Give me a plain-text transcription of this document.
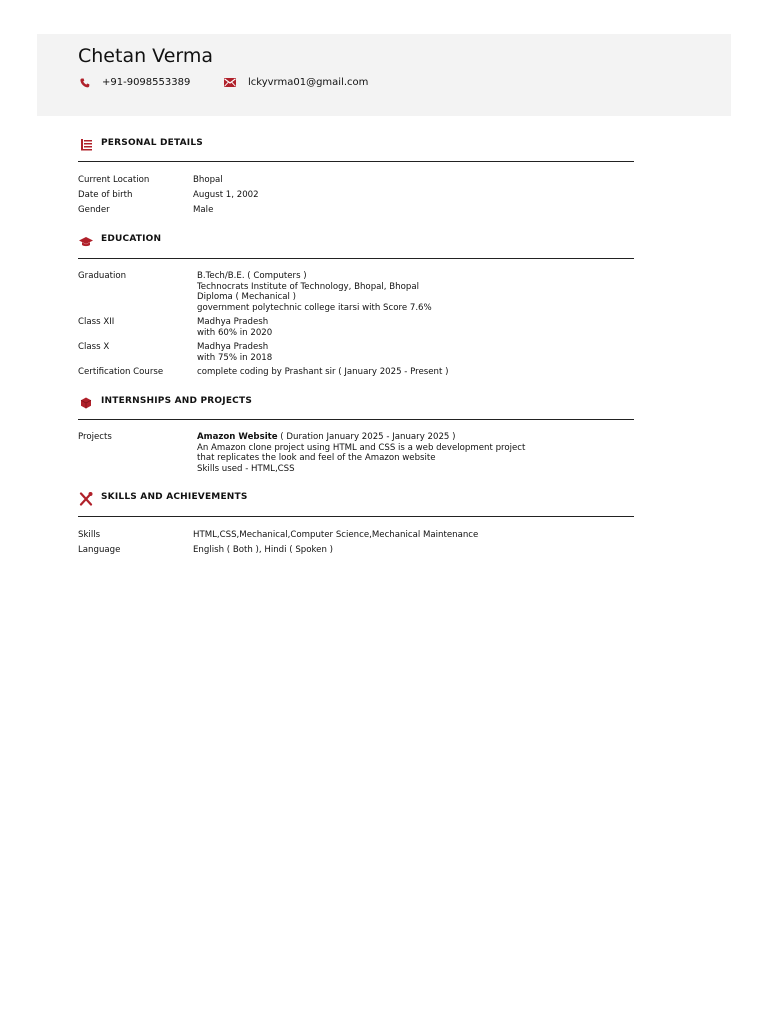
Chetan Verma
+91-9098553389	lckyvrma01@gmail.com
PERSONAL DETAILS
Current Location	Bhopal
Date of birth	August 1, 2002
Gender	Male
EDUCATION
Graduation	B.Tech/B.E. ( Computers )
Technocrats Institute of Technology, Bhopal, Bhopal
Diploma ( Mechanical )
government polytechnic college itarsi with Score 7.6%
Class XII	Madhya Pradesh
with 60% in 2020
Class X	Madhya Pradesh
with 75% in 2018
Certification Course	complete coding by Prashant sir ( January 2025 - Present )
INTERNSHIPS AND PROJECTS
Projects	Amazon Website ( Duration January 2025 - January 2025 )
An Amazon clone project using HTML and CSS is a web development project
that replicates the look and feel of the Amazon website
Skills used - HTML,CSS
SKILLS AND ACHIEVEMENTS
Skills	HTML,CSS,Mechanical,Computer Science,Mechanical Maintenance
Language	English ( Both ), Hindi ( Spoken )
